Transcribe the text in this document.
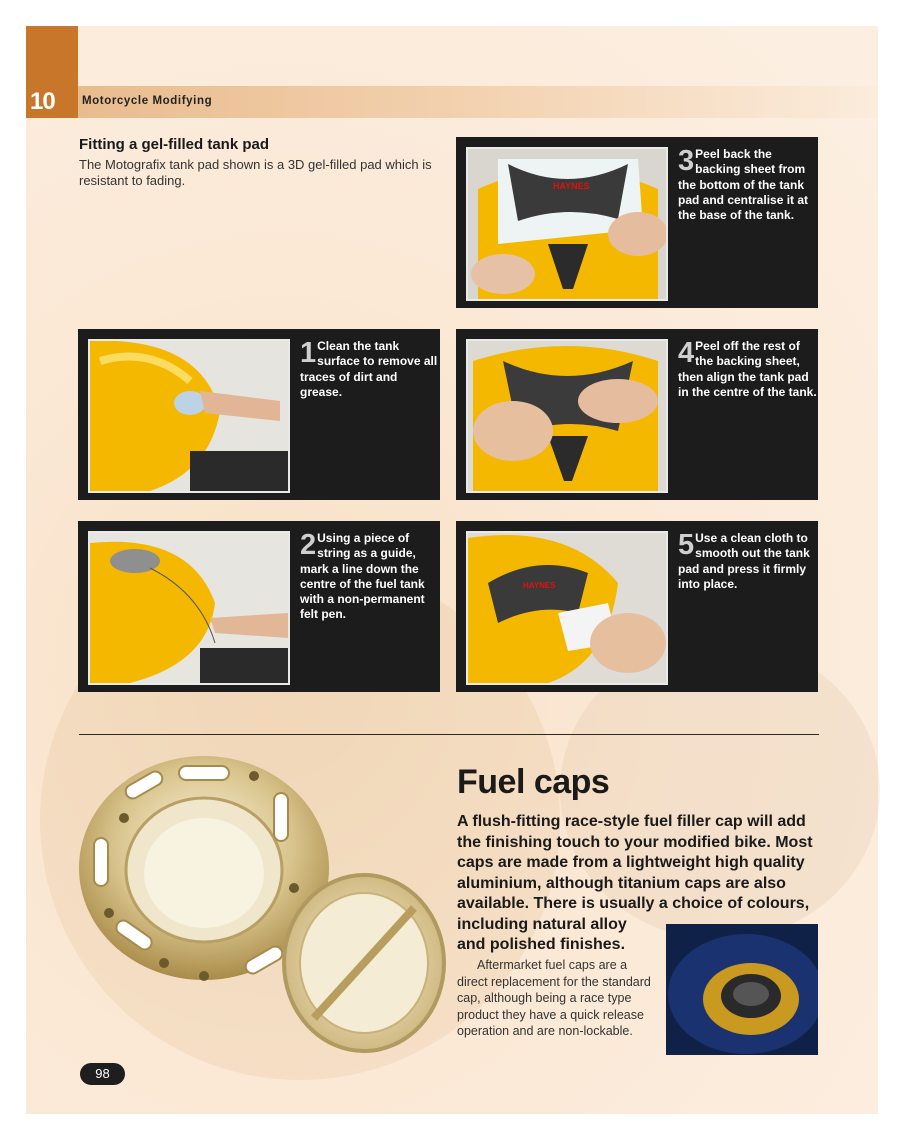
10 Motorcycle Modifying
Fitting a gel-filled tank pad
The Motografix tank pad shown is a 3D gel-filled pad which is resistant to fading.	HAYNES
3 Peel back the backing sheet from the bottom of the tank pad and centralise it at the base of the tank.
1 Clean the tank surface to remove all traces of dirt and grease.
4 Peel off the rest of the backing sheet, then align the tank pad in the centre of the tank.
2 Using a piece of string as a guide, mark a line down the centre of the fuel tank with a non-permanent felt pen.
HAYNES
5 Use a clean cloth to smooth out the tank pad and press it firmly into place.
Fuel caps
A flush-fitting race-style fuel filler cap will add
the finishing touch to your modified bike. Most
caps are made from a lightweight high quality
aluminium, although titanium caps are also
available. There is usually a choice of colours,
including natural alloy
and polished finishes.
Aftermarket fuel caps are a direct replacement for the standard cap, although being a race type product they have a quick release operation and are non-lockable.
98
